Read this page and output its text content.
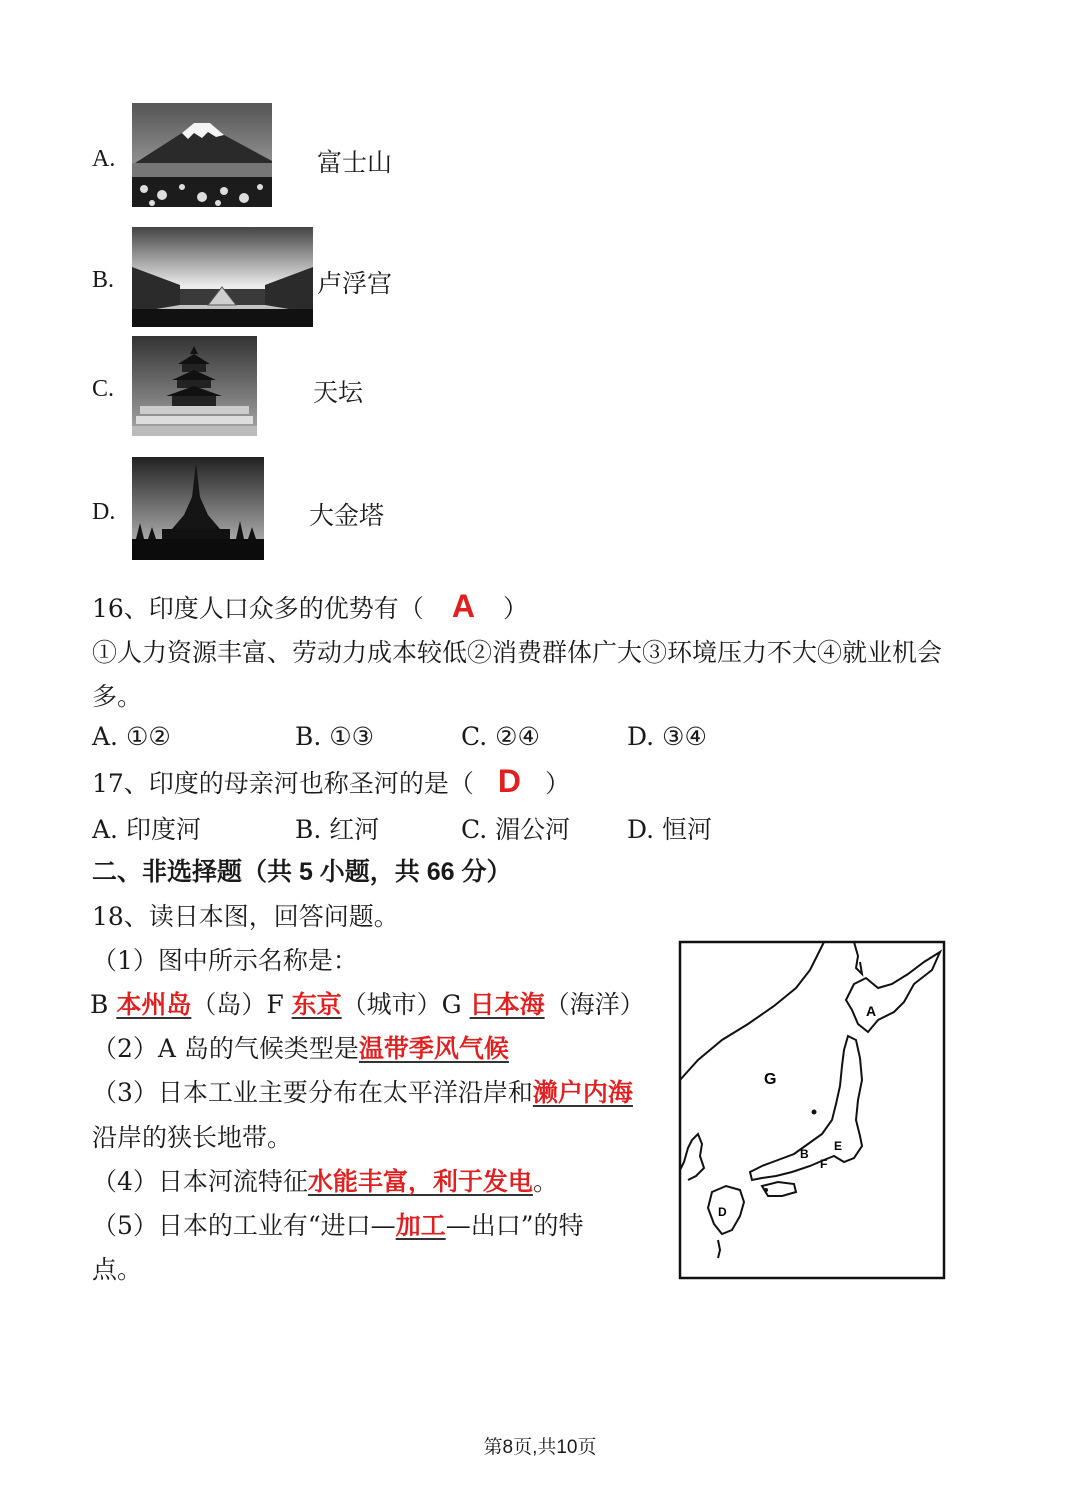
A.	富士山
B.	卢浮宫
C.	天坛
D.	大金塔
16、印度人口众多的优势有（ A ）
①人力资源丰富、劳动力成本较低②消费群体广大③环境压力不大④就业机会
多。
A. ①②	B. ①③	C. ②④	D. ③④
17、印度的母亲河也称圣河的是（ D ）
A. 印度河	B. 红河	C. 湄公河 D. 恒河
二、非选择题（共 5 小题，共 66 分）
18、读日本图，回答问题。
（1）图中所示名称是：
B 本州岛（岛）F 东京（城市）G 日本海（海洋）
（2）A 岛的气候类型是温带季风气候
（3）日本工业主要分布在太平洋沿岸和濑户内海
沿岸的狭长地带。
（4）日本河流特征水能丰富，利于发电。
（5）日本的工业有“进口—加工—出口”的特
点。
A
G
B
E
F
D
第8页,共10页
